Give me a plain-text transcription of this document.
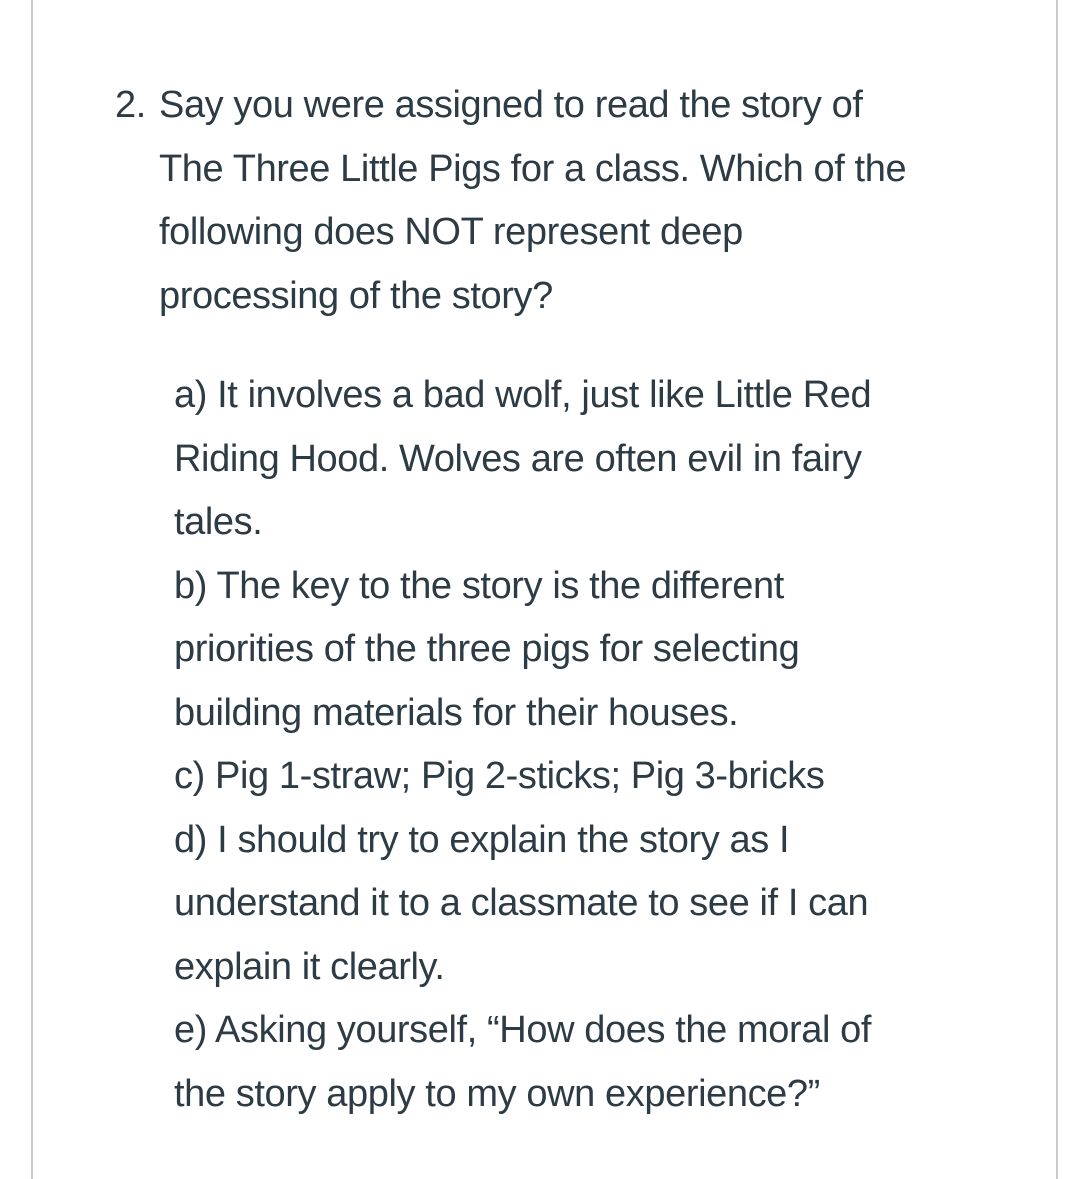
2. Say you were assigned to read the story of
The Three Little Pigs for a class. Which of the
following does NOT represent deep
processing of the story?
a) It involves a bad wolf, just like Little Red
Riding Hood. Wolves are often evil in fairy
tales.
b) The key to the story is the different
priorities of the three pigs for selecting
building materials for their houses.
c) Pig 1-straw; Pig 2-sticks; Pig 3-bricks
d) I should try to explain the story as I
understand it to a classmate to see if I can
explain it clearly.
e) Asking yourself, “How does the moral of
the story apply to my own experience?”
